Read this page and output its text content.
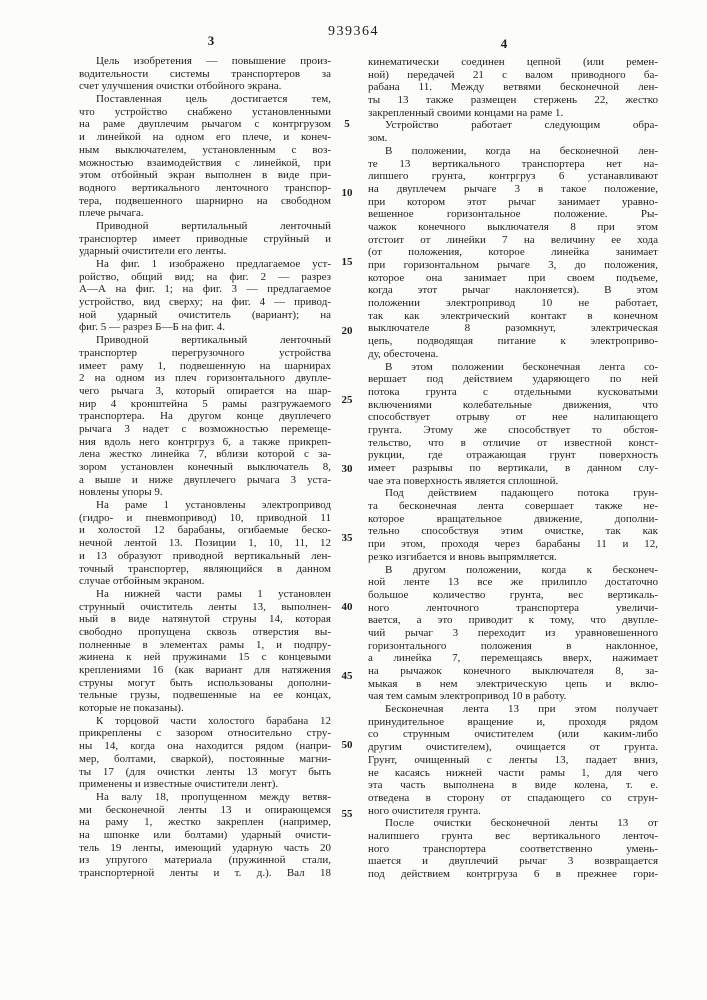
939364
3	4
Цель изобретения — повышение произ-
водительности системы транспортеров за
счет улучшения очистки отбойного экрана.
Поставленная цель достигается тем,
что устройство снабжено установленными
на раме двуплечим рычагом с контргрузом
и линейкой на одном его плече, и конеч-
ным выключателем, установленным с воз-
можностью взаимодействия с линейкой, при
этом отбойный экран выполнен в виде при-
водного вертикального ленточного транспор-
тера, подвешенного шарнирно на свободном
плече рычага.
Приводной вертилальный ленточный
транспортер имеет приводные струйный и
ударный очистители его ленты.
На фиг. 1 изображено предлагаемое уст-
ройство, общий вид; на фиг. 2 — разрез
А—А на фиг. 1; на фиг. 3 — предлагаемое
устройство, вид сверху; на фиг. 4 — привод-
ной ударный очиститель (вариант); на
фиг. 5 — разрез Б—Б на фиг. 4.
Приводной вертикальный ленточный
транспортер перегрузочного устройства
имеет раму 1, подвешенную на шарнирах
2 на одном из плеч горизонтального двупле-
чего рычага 3, который опирается на шар-
нир 4 кронштейна 5 рамы разгружаемого
транспортера. На другом конце двуплечего
рычага 3 надет с возможностью перемеще-
ния вдоль него контргруз 6, а также прикреп-
лена жестко линейка 7, вблизи которой с за-
зором установлен конечный выключатель 8,
а выше и ниже двуплечего рычага 3 уста-
новлены упоры 9.
На раме 1 установлены электропривод
(гидро- и пневмопривод) 10, приводной 11
и холостой 12 барабаны, огибаемые беско-
нечной лентой 13. Позиции 1, 10, 11, 12
и 13 образуют приводной вертикальный лен-
точный транспортер, являющийся в данном
случае отбойным экраном.
На нижней части рамы 1 установлен
струнный очиститель ленты 13, выполнен-
ный в виде натянутой струны 14, которая
свободно пропущена сквозь отверстия вы-
полненные в элементах рамы 1, и подпру-
жинена к ней пружинами 15 с концевыми
креплениями 16 (как вариант для натяжения
струны могут быть использованы дополни-
тельные грузы, подвешенные на ее концах,
которые не показаны).
К торцовой части холостого барабана 12
прикреплены с зазором относительно стру-
ны 14, когда она находится рядом (напри-
мер, болтами, сваркой), постоянные магни-
ты 17 (для очистки ленты 13 могут быть
применены и известные очистители лент).
На валу 18, пропущенном между ветвя-
ми бесконечной ленты 13 и опирающемся
на раму 1, жестко закреплен (например,
на шпонке или болтами) ударный очисти-
тель 19 ленты, имеющий ударную часть 20
из упругого материала (пружинной стали,
транспортерной ленты и т. д.). Вал 18
кинематически соединен цепной (или ремен-
ной) передачей 21 с валом приводного ба-
рабана 11. Между ветвями бесконечной лен-
ты 13 также размещен стержень 22, жестко
закрепленный своими концами на раме 1.
Устройство работает следующим обра-
зом.
В положении, когда на бесконечной лен-
те 13 вертикального транспортера нет на-
липшего грунта, контргруз 6 устанавливают
на двуплечем рычаге 3 в такое положение,
при котором этот рычаг занимает уравно-
вешенное горизонтальное положение. Ры-
чажок конечного выключателя 8 при этом
отстоит от линейки 7 на величину ее хода
(от положения, которое линейка занимает
при горизонтальном рычаге 3, до положения,
которое она занимает при своем подъеме,
когда этот рычаг наклоняется). В этом
положении электропривод 10 не работает,
так как электрический контакт в конечном
выключателе 8 разомкнут, электрическая
цепь, подводящая питание к электроприво-
ду, обесточена.
В этом положении бесконечная лента со-
вершает под действием ударяющего по ней
потока грунта с отдельными кусковатыми
включениями колебательные движения, что
способствует отрыву от нее налипающего
грунта. Этому же способствует то обстоя-
тельство, что в отличие от известной конст-
рукции, где отражающая грунт поверхность
имеет разрывы по вертикали, в данном слу-
чае эта поверхность является сплошной.
Под действием падающего потока грун-
та бесконечная лента совершает также не-
которое вращательное движение, дополни-
тельно способствуя этим очистке, так как
при этом, проходя через барабаны 11 и 12,
резко изгибается и вновь выпрямляется.
В другом положении, когда к бесконеч-
ной ленте 13 все же прилипло достаточно
большое количество грунта, вес вертикаль-
ного ленточного транспортера увеличи-
вается, а это приводит к тому, что двупле-
чий рычаг 3 переходит из уравновешенного
горизонтального положения в наклонное,
а линейка 7, перемещаясь вверх, нажимает
на рычажок конечного выключателя 8, за-
мыкая в нем электрическую цепь и вклю-
чая тем самым электропривод 10 в работу.
Бесконечная лента 13 при этом получает
принудительное вращение и, проходя рядом
со струнным очистителем (или каким-либо
другим очистителем), очищается от грунта.
Грунт, очищенный с ленты 13, падает вниз,
не касаясь нижней части рамы 1, для чего
эта часть выполнена в виде колена, т. е.
отведена в сторону от спадающего со струн-
ного очистителя грунта.
После очистки бесконечной ленты 13 от
налипшего грунта вес вертикального ленточ-
ного транспортера соответственно умень-
шается и двуплечий рычаг 3 возвращается
под действием контргруза 6 в прежнее гори-
5
10
15
20
25
30
35
40
45
50
55
